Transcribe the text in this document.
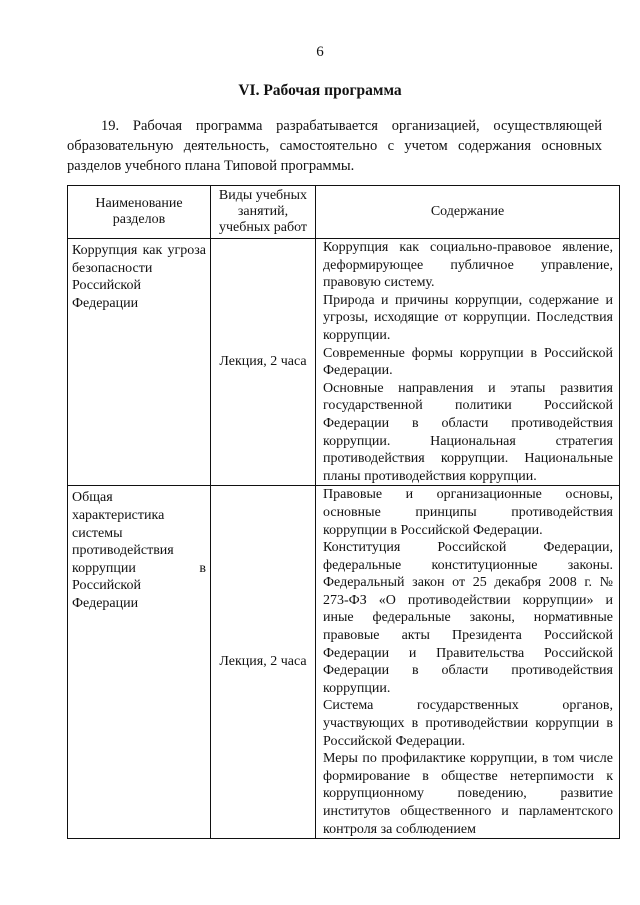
6
VI. Рабочая программа

19. Рабочая программа разрабатывается организацией, осуществляющей образовательную деятельность, самостоятельно с учетом содержания основных разделов учебного плана Типовой программы.

Наименование разделов	Виды учебных занятий, учебных работ	Содержание
Коррупция как угроза безопасности Российской Федерации	Лекция, 2 часа	Коррупция как социально-правовое явление, деформирующее публичное управление, правовую систему.

Природа и причины коррупции, содержание и угрозы, исходящие от коррупции. Последствия коррупции.

Современные формы коррупции в Российской Федерации.

Основные направления и этапы развития государственной политики Российской Федерации в области противодействия коррупции. Национальная стратегия противодействия коррупции. Национальные планы противодействия коррупции.

Общая характеристика системы противодействия коррупции в Российской Федерации	Лекция, 2 часа	Правовые и организационные основы, основные принципы противодействия коррупции в Российской Федерации.

Конституция Российской Федерации, федеральные конституционные законы. Федеральный закон от 25 декабря 2008 г. № 273-ФЗ «О противодействии коррупции» и иные федеральные законы, нормативные правовые акты Президента Российской Федерации и Правительства Российской Федерации в области противодействия коррупции.

Система государственных органов, участвующих в противодействии коррупции в Российской Федерации.

Меры по профилактике коррупции, в том числе формирование в обществе нетерпимости к коррупционному поведению, развитие институтов общественного и парламентского контроля за соблюдением
